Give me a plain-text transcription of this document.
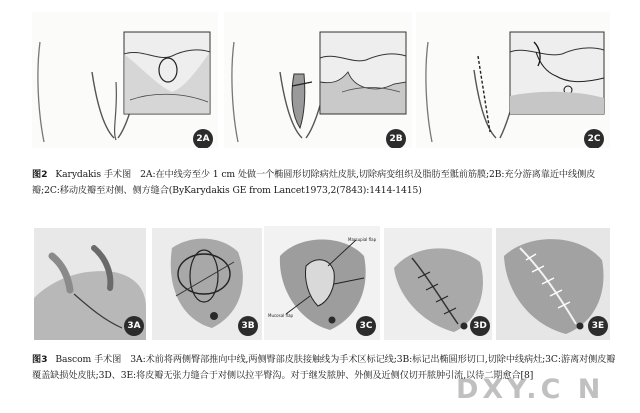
2A	2B	2C
图2 Karydakis 手术图　2A:在中线旁至少 1 cm 处做一个椭圆形切除病灶皮肤,切除病变组织及脂肪至骶前筋膜;2B:充分游离靠近中线侧皮瓣;2C:移动皮瓣至对侧、侧方缝合(ByKarydakis GE from Lancet1973,2(7843):1414-1415)
3A	3B
Marsupial flap
Mucosal flap
3C	3D	3E
图3 Bascom 手术图　3A:术前将两侧臀部推向中线,两侧臀部皮肤接触线为手术区标记线;3B:标记出椭圆形切口,切除中线病灶;3C:游离对侧皮瓣覆盖缺损处皮肤;3D、3E:将皮瓣无张力缝合于对侧以拉平臀沟。对于继发脓肿、外侧及近侧仅切开脓肿引流,以待二期愈合[8]
DXY.C N
